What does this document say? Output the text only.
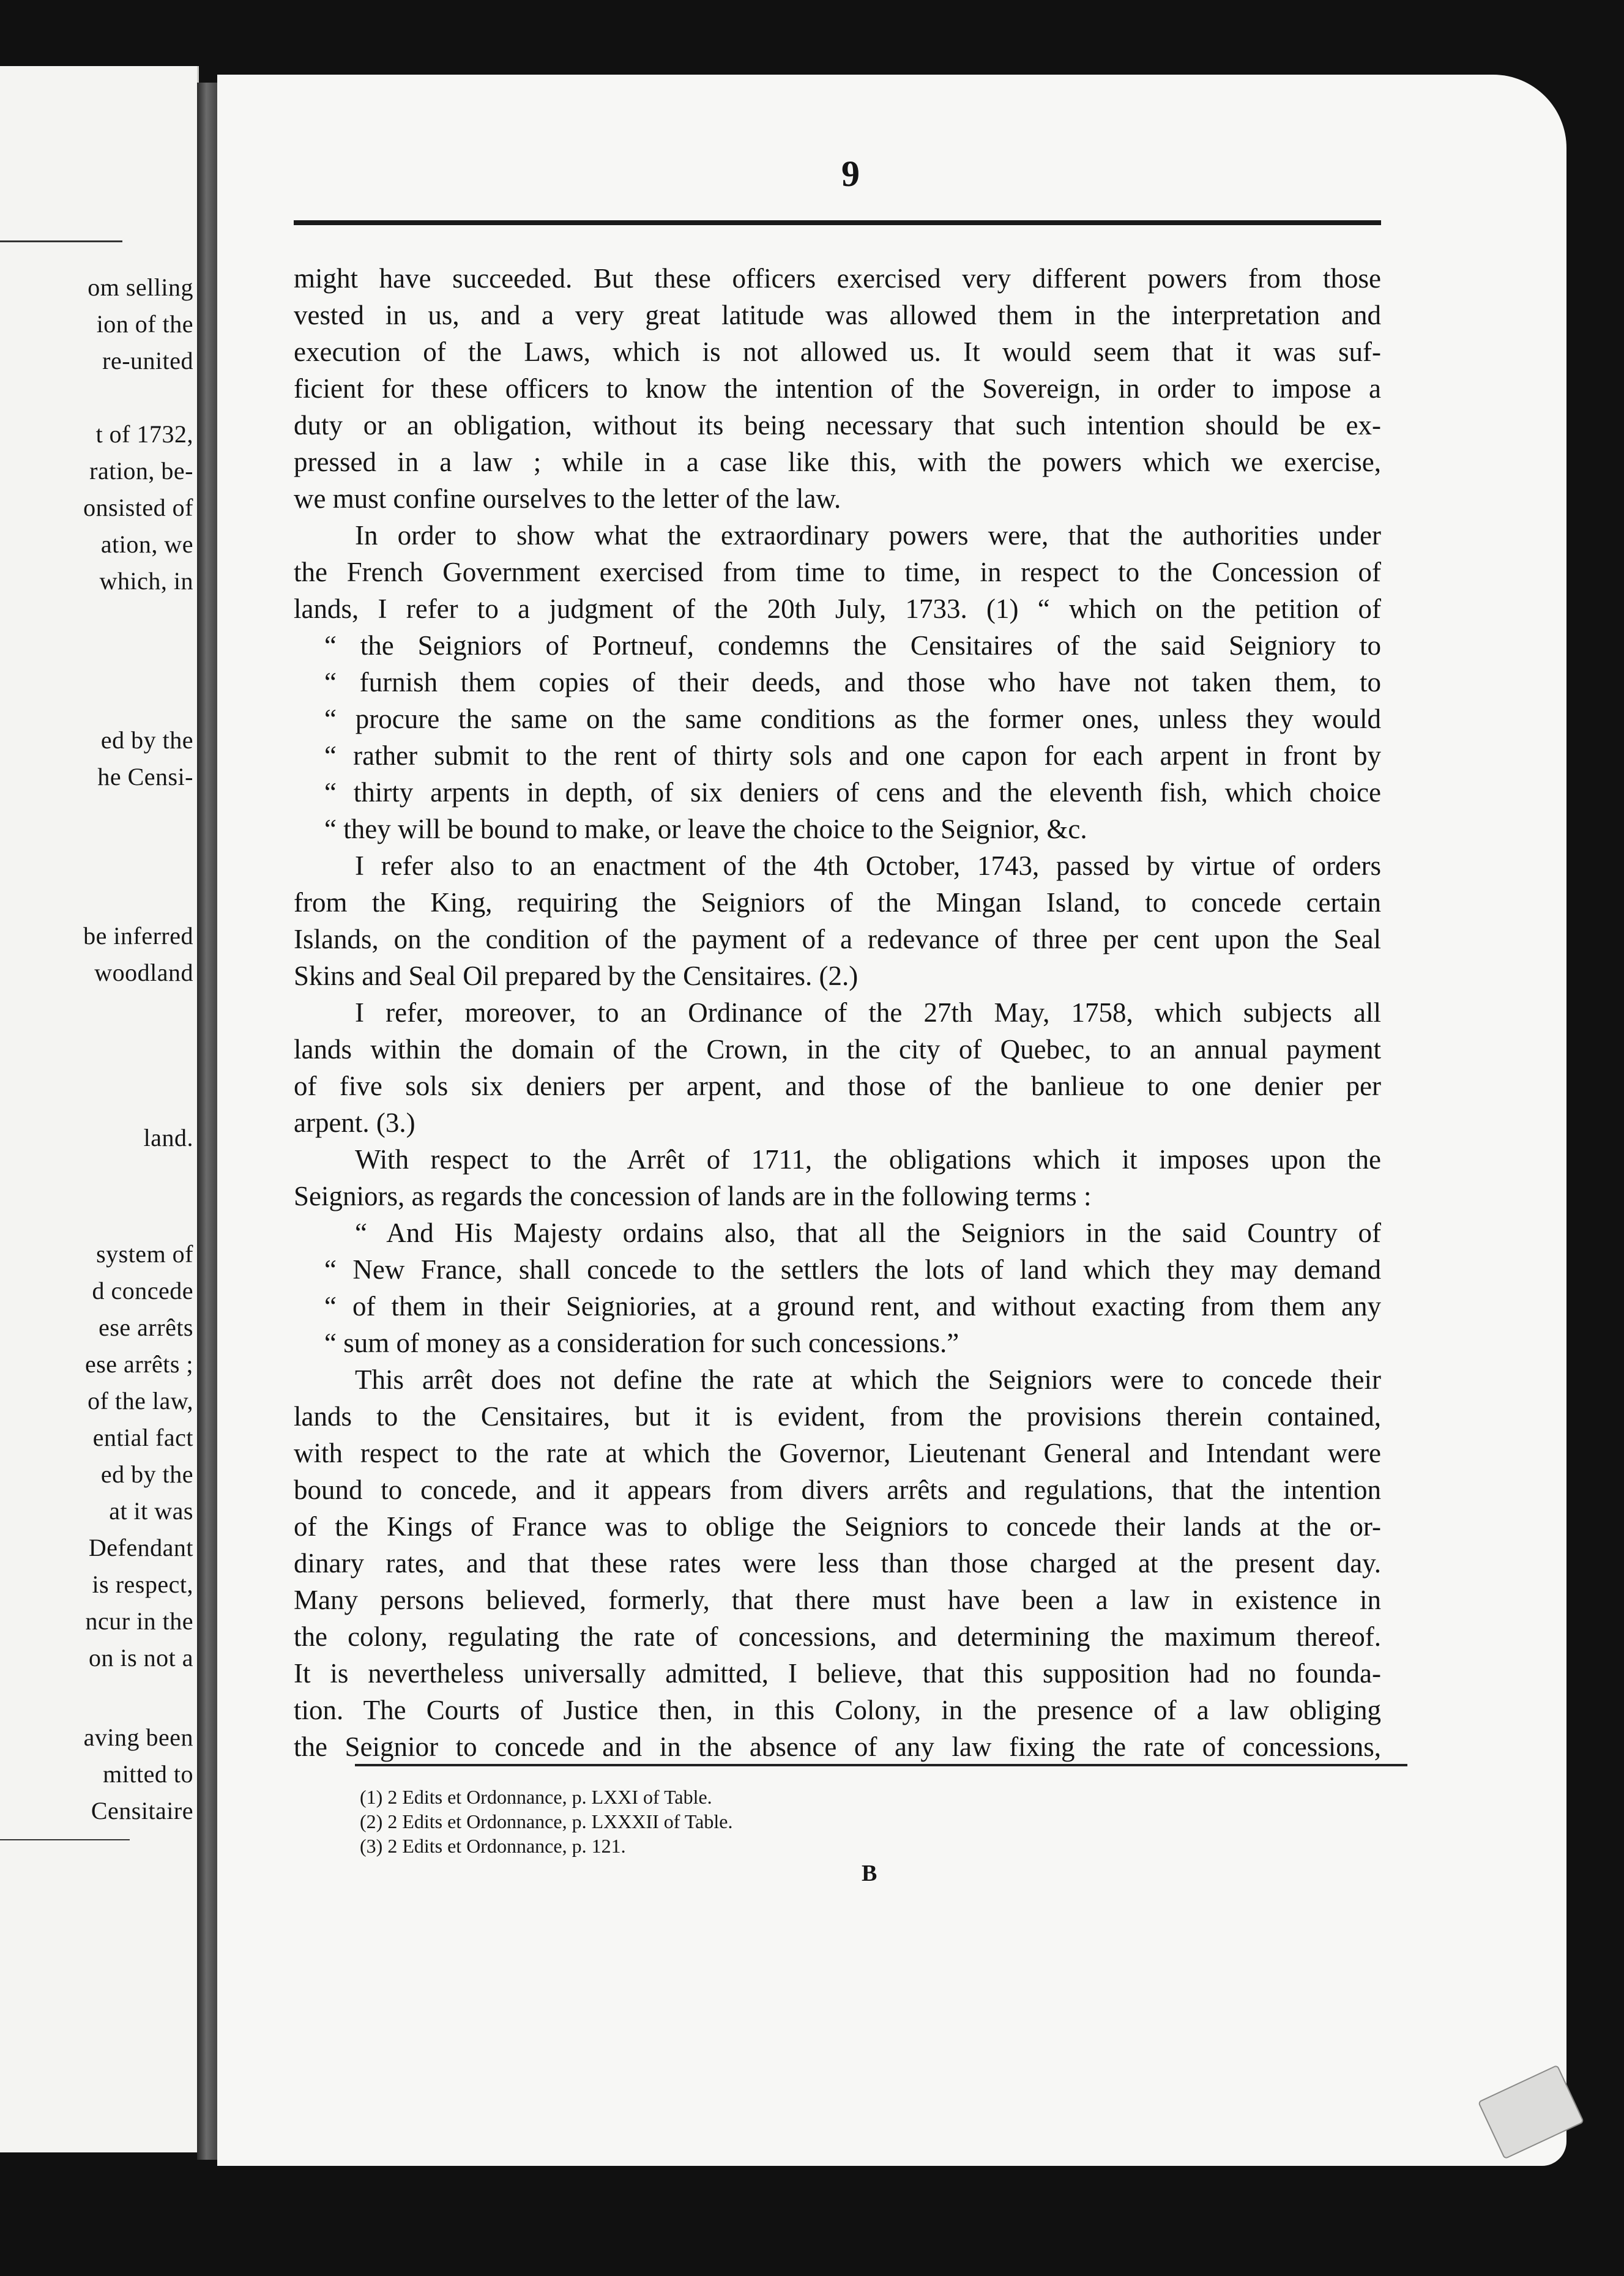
om selling
ion of the
re-united
t of 1732,
ration, be-
onsisted of
ation, we
which, in
ed by the
he Censi-
be inferred
woodland
land.
system of
d concede
ese arrêts
ese arrêts ;
of the law,
ential fact
ed by the
at it was
Defendant
is respect,
ncur in the
on is not a
aving been
mitted to
Censitaire
might have succeeded. But these officers exercised very different powers from those
vested in us, and a very great latitude was allowed them in the interpretation and
execution of the Laws, which is not allowed us. It would seem that it was suf-
ficient for these officers to know the intention of the Sovereign, in order to impose a
duty or an obligation, without its being necessary that such intention should be ex-
pressed in a law ; while in a case like this, with the powers which we exercise,
we must confine ourselves to the letter of the law.
In order to show what the extraordinary powers were, that the authorities under
the French Government exercised from time to time, in respect to the Concession of
lands, I refer to a judgment of the 20th July, 1733. (1) “ which on the petition of
“ the Seigniors of Portneuf, condemns the Censitaires of the said Seigniory to
“ furnish them copies of their deeds, and those who have not taken them, to
“ procure the same on the same conditions as the former ones, unless they would
“ rather submit to the rent of thirty sols and one capon for each arpent in front by
“ thirty arpents in depth, of six deniers of cens and the eleventh fish, which choice
“ they will be bound to make, or leave the choice to the Seignior, &c.
I refer also to an enactment of the 4th October, 1743, passed by virtue of orders
from the King, requiring the Seigniors of the Mingan Island, to concede certain
Islands, on the condition of the payment of a redevance of three per cent upon the Seal
Skins and Seal Oil prepared by the Censitaires. (2.)
I refer, moreover, to an Ordinance of the 27th May, 1758, which subjects all
lands within the domain of the Crown, in the city of Quebec, to an annual payment
of five sols six deniers per arpent, and those of the banlieue to one denier per
arpent. (3.)
With respect to the Arrêt of 1711, the obligations which it imposes upon the
Seigniors, as regards the concession of lands are in the following terms :
“ And His Majesty ordains also, that all the Seigniors in the said Country of
“ New France, shall concede to the settlers the lots of land which they may demand
“ of them in their Seigniories, at a ground rent, and without exacting from them any
“ sum of money as a consideration for such concessions.”
This arrêt does not define the rate at which the Seigniors were to concede their
lands to the Censitaires, but it is evident, from the provisions therein contained,
with respect to the rate at which the Governor, Lieutenant General and Intendant were
bound to concede, and it appears from divers arrêts and regulations, that the intention
of the Kings of France was to oblige the Seigniors to concede their lands at the or-
dinary rates, and that these rates were less than those charged at the present day.
Many persons believed, formerly, that there must have been a law in existence in
the colony, regulating the rate of concessions, and determining the maximum thereof.
It is nevertheless universally admitted, I believe, that this supposition had no founda-
tion. The Courts of Justice then, in this Colony, in the presence of a law obliging
the Seignior to concede and in the absence of any law fixing the rate of concessions,
(1) 2 Edits et Ordonnance, p. LXXI of Table.
(2) 2 Edits et Ordonnance, p. LXXXII of Table.
(3) 2 Edits et Ordonnance, p. 121.
B
